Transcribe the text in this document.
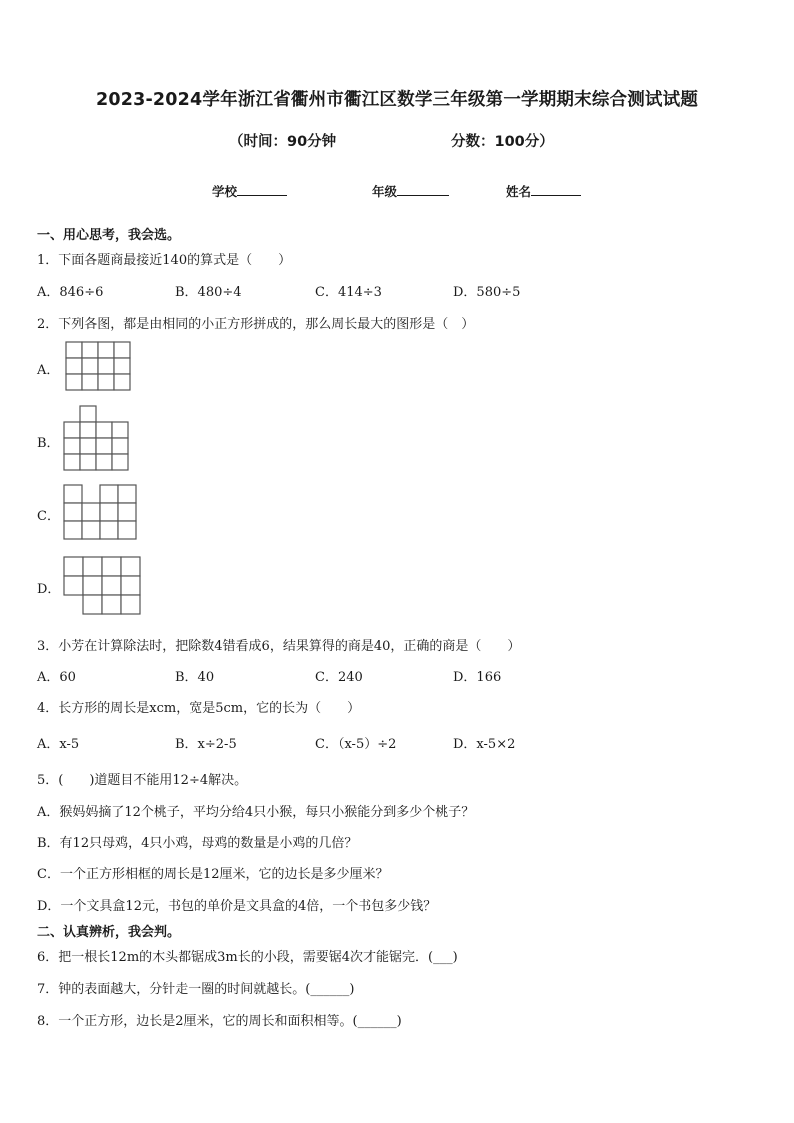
2023-2024学年浙江省衢州市衢江区数学三年级第一学期期末综合测试试题
（时间：90分钟	分数：100分）
学校	年级	姓名
一、用心思考，我会选。
1．下面各题商最接近140的算式是（　　）
A．846÷6	B．480÷4	C．414÷3	D．580÷5
2．下列各图，都是由相同的小正方形拼成的，那么周长最大的图形是（　）
A．
B．
C．
D．
3．小芳在计算除法时，把除数4错看成6，结果算得的商是40，正确的商是（　　）
A．60	B．40	C．240	D．166
4．长方形的周长是xcm，宽是5cm，它的长为（　　）
A．x-5	B．x÷2-5	C．（x-5）÷2	D．x-5×2
5．(　　)道题目不能用12÷4解决。
A．猴妈妈摘了12个桃子，平均分给4只小猴，每只小猴能分到多少个桃子？
B．有12只母鸡，4只小鸡，母鸡的数量是小鸡的几倍？
C．一个正方形相框的周长是12厘米，它的边长是多少厘米？
D．一个文具盒12元，书包的单价是文具盒的4倍，一个书包多少钱？
二、认真辨析，我会判。
6．把一根长12m的木头都锯成3m长的小段，需要锯4次才能锯完．(___)
7．钟的表面越大，分针走一圈的时间就越长。(______)
8．一个正方形，边长是2厘米，它的周长和面积相等。(______)
